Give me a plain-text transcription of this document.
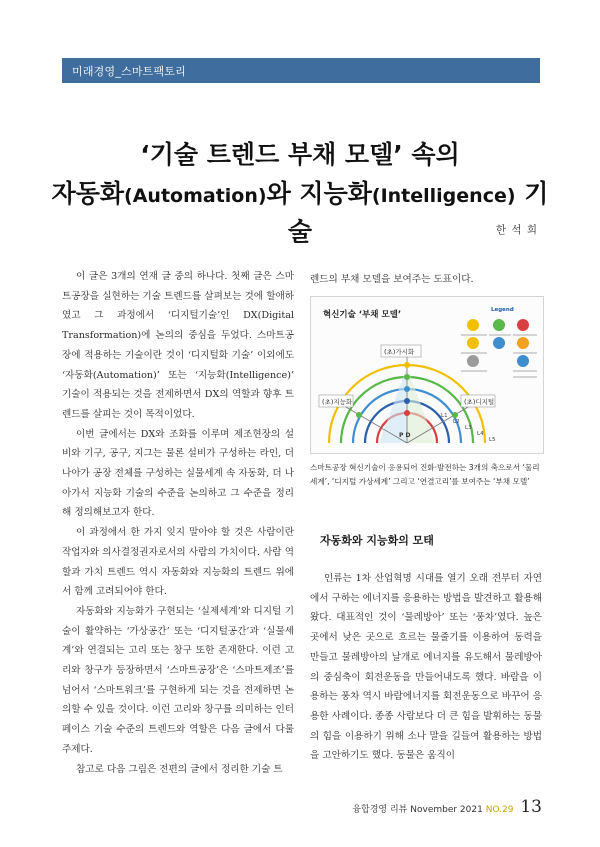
미래경영_스마트팩토리
‘기술 트렌드 부채 모델’ 속의
자동화(Automation)와 지능화(Intelligence) 기술	한 석 희

이 글은 3개의 연재 글 중의 하나다. 첫째 글은 스마트공장을 실현하는 기술 트렌드를 살펴보는 것에 할애하였고 그 과정에서 ‘디지털기술’인 DX(Digital Transformation)에 논의의 중심을 두었다. 스마트공장에 적용하는 기술이란 것이 ‘디지털화 기술’ 이외에도 ‘자동화(Automation)’ 또는 ‘지능화(Intelligence)’ 기술이 적용되는 것을 전제하면서 DX의 역할과 향후 트렌드를 살피는 것이 목적이었다.

이번 글에서는 DX와 조화를 이루며 제조현장의 설비와 기구, 공구, 지그는 물론 설비가 구성하는 라인, 더 나아가 공장 전체를 구성하는 실물세계 속 자동화, 더 나아가서 지능화 기술의 수준을 논의하고 그 수준을 정리해 정의해보고자 한다.

이 과정에서 한 가지 잊지 말아야 할 것은 사람이란 작업자와 의사결정권자로서의 사람의 가치이다. 사람 역할과 가치 트렌드 역시 자동화와 지능화의 트렌드 위에서 함께 고려되어야 한다.

자동화와 지능화가 구현되는 ‘실제세계’와 디지털 기술이 활약하는 ‘가상공간’ 또는 ‘디지털공간’과 ‘실물세계’와 연결되는 고리 또는 창구 또한 존재한다. 이런 고리와 창구가 등장하면서 ‘스마트공장’은 ‘스마트제조’를 넘어서 ‘스마트워크’를 구현하게 되는 것을 전제하면 논의할 수 있을 것이다. 이런 고리와 창구를 의미하는 인터페이스 기술 수준의 트렌드와 역할은 다음 글에서 다룰 주제다.

참고로 다음 그림은 전편의 글에서 정리한 기술 트

렌드의 부채 모델을 보여주는 도표이다.

혁신기술 ‘부채 모델’
(초)가시화
(초)지능화	(초)디지털
P D
L5
L4
L3
L2
L1
Legend
스마트공장 혁신기술이 응용되어 진화·발전하는 3개의 축으로서 ‘물리세계’, ‘디지털 가상세계’ 그리고 ‘연결고리’를 보여주는 ‘부채 모델’
자동화와 지능화의 모태

인류는 1차 산업혁명 시대를 열기 오래 전부터 자연에서 구하는 에너지를 응용하는 방법을 발견하고 활용해왔다. 대표적인 것이 ‘물레방아’ 또는 ‘풍차’였다. 높은 곳에서 낮은 곳으로 흐르는 물줄기를 이용하여 동력을 만들고 물레방아의 날개로 에너지를 유도해서 물레방아의 중심축이 회전운동을 만들어내도록 했다. 바람을 이용하는 풍차 역시 바람에너지를 회전운동으로 바꾸어 응용한 사례이다. 종종 사람보다 더 큰 힘을 발휘하는 동물의 힘을 이용하기 위해 소나 말을 길들여 활용하는 방법을 고안하기도 했다. 동물은 움직이

융합경영 리뷰 November 2021 NO.29 13
